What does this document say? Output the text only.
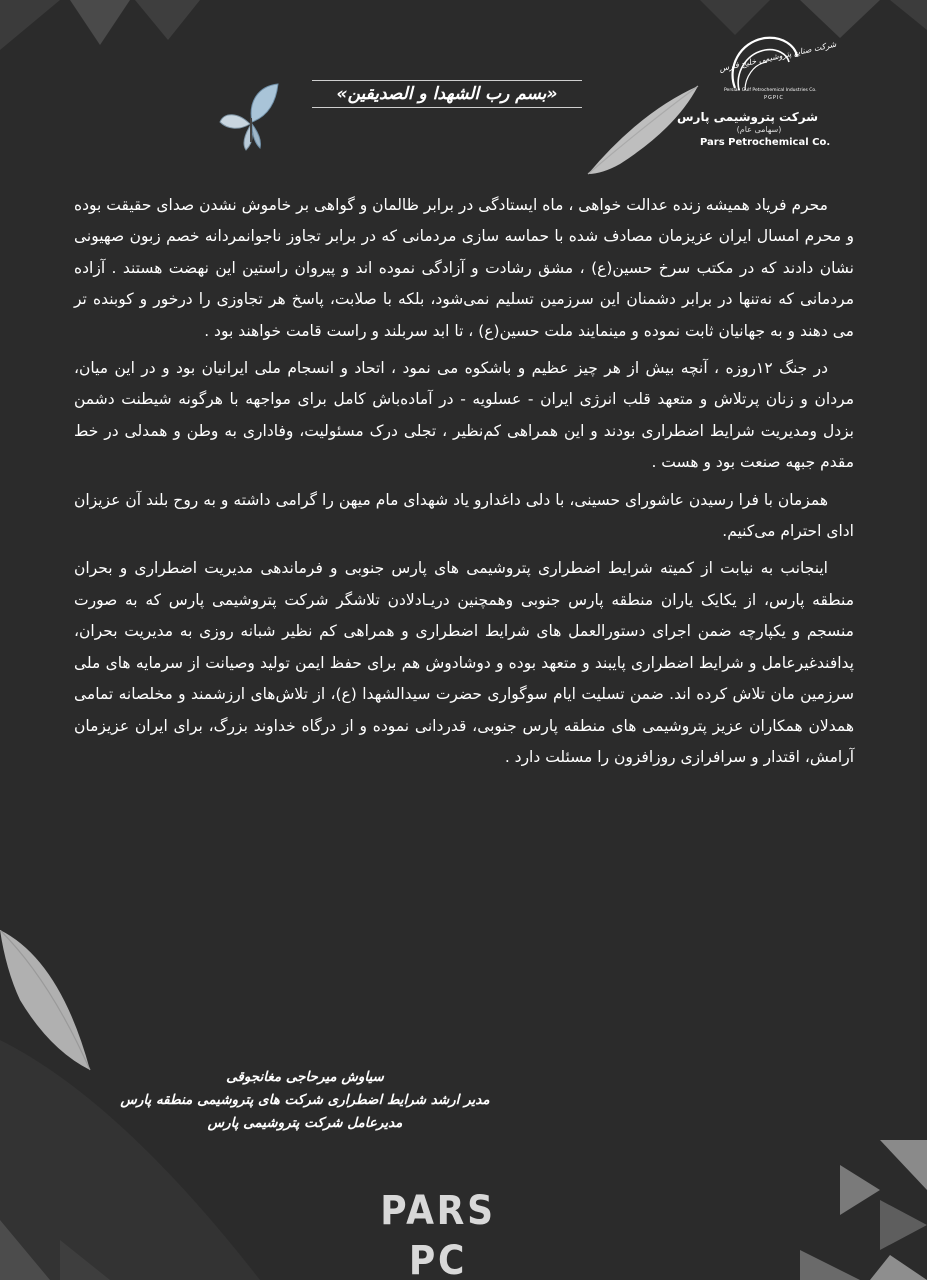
شرکت صنایع پتروشیمی خلیج فارس
Persian Gulf Petrochemical Industries Co.
PGPIC
شرکت پتروشیمی پارس
(سهامی عام)
Pars Petrochemical Co.
«بسم رب الشهدا و الصدیقین»

محرم فریاد همیشه زنده عدالت خواهی ، ماه ایستادگی در برابر ظالمان و گواهی بر خاموش نشدن صدای حقیقت بوده و محرم امسال ایران عزیزمان مصادف شده با حماسه سازی مردمانی که در برابر تجاوز ناجوانمردانه خصم زبون صهیونی نشان دادند که در مکتب سرخ حسین(ع) ، مشق رشادت و آزادگی نموده اند و پیروان راستین این نهضت هستند . آزاده مردمانی که نه‌تنها در برابر دشمنان این سرزمین تسلیم نمی‌شود، بلکه با صلابت، پاسخ هر تجاوزی را درخور و کوبنده تر می دهند و به جهانیان ثابت نموده و مینمایند ملت حسین(ع) ، تا ابد سربلند و راست قامت خواهند بود .

در جنگ ۱۲روزه ، آنچه بیش از هر چیز عظیم و باشکوه می نمود ، اتحاد و انسجام ملی ایرانیان بود و در این میان، مردان و زنان پرتلاش و متعهد قلب انرژی ایران - عسلویه - در آماده‌باش کامل برای مواجهه با هرگونه شیطنت دشمن بزدل ومدیریت شرایط اضطراری بودند و این همراهی کم‌نظیر ، تجلی درک مسئولیت، وفاداری به وطن و همدلی در خط مقدم جبهه صنعت بود و هست .

همزمان با فرا رسیدن عاشورای حسینی، با دلی داغدارو یاد شهدای مام میهن را گرامی داشته و به روح بلند آن عزیزان ادای احترام می‌کنیم.

اینجانب به نیابت از کمیته شرایط اضطراری پتروشیمی های پارس جنوبی و فرماندهی مدیریت اضطراری و بحران منطقه پارس، از یکایک یاران منطقه پارس جنوبی وهمچنین دریـادلادن تلاشگر شرکت پتروشیمی پارس که به صورت منسجم و یکپارچه ضمن اجرای دستورالعمل های شرایط اضطراری و همراهی کم نظیر شبانه روزی به مدیریت بحران، پدافندغیرعامل و شرایط اضطراری پایبند و متعهد بوده و دوشادوش هم برای حفظ ایمن تولید وصیانت از سرمایه های ملی سرزمین مان تلاش کرده اند. ضمن تسلیت ایام سوگواری حضرت سیدالشهدا (ع)، از تلاش‌های ارزشمند و مخلصانه تمامی همدلان همکاران عزیز پتروشیمی های منطقه پارس جنوبی، قدردانی نموده و از درگاه خداوند بزرگ، برای ایران عزیزمان آرامش، اقتدار و سرافرازی روزافزون را مسئلت دارد .

سیاوش میرحاجی مغانجوقی
مدیر ارشد شرایط اضطراری شرکت های پتروشیمی منطقه پارس
مدیرعامل شرکت پتروشیمی پارس
PARS PC
